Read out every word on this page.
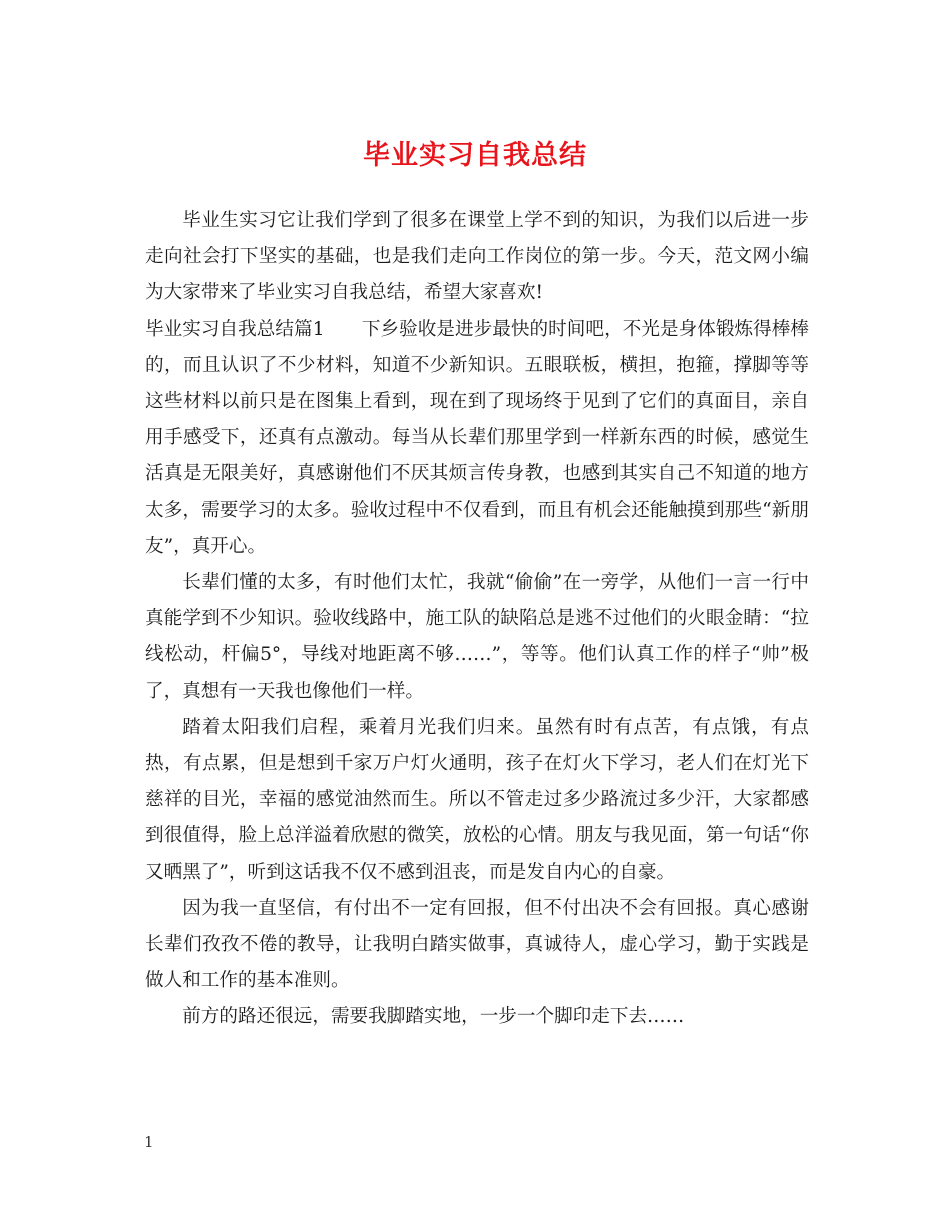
毕业实习自我总结

毕业生实习它让我们学到了很多在课堂上学不到的知识，为我们以后进一步走向社会打下坚实的基础，也是我们走向工作岗位的第一步。今天，范文网小编为大家带来了毕业实习自我总结，希望大家喜欢!

毕业实习自我总结篇1　　下乡验收是进步最快的时间吧，不光是身体锻炼得棒棒的，而且认识了不少材料，知道不少新知识。五眼联板，横担，抱箍，撑脚等等这些材料以前只是在图集上看到，现在到了现场终于见到了它们的真面目，亲自用手感受下，还真有点激动。每当从长辈们那里学到一样新东西的时候，感觉生活真是无限美好，真感谢他们不厌其烦言传身教，也感到其实自己不知道的地方太多，需要学习的太多。验收过程中不仅看到，而且有机会还能触摸到那些“新朋友”，真开心。

长辈们懂的太多，有时他们太忙，我就“偷偷”在一旁学，从他们一言一行中真能学到不少知识。验收线路中，施工队的缺陷总是逃不过他们的火眼金睛：“拉线松动，杆偏5°，导线对地距离不够……”，等等。他们认真工作的样子“帅”极了，真想有一天我也像他们一样。

踏着太阳我们启程，乘着月光我们归来。虽然有时有点苦，有点饿，有点热，有点累，但是想到千家万户灯火通明，孩子在灯火下学习，老人们在灯光下慈祥的目光，幸福的感觉油然而生。所以不管走过多少路流过多少汗，大家都感到很值得，脸上总洋溢着欣慰的微笑，放松的心情。朋友与我见面，第一句话“你又晒黑了”，听到这话我不仅不感到沮丧，而是发自内心的自豪。

因为我一直坚信，有付出不一定有回报，但不付出决不会有回报。真心感谢长辈们孜孜不倦的教导，让我明白踏实做事，真诚待人，虚心学习，勤于实践是做人和工作的基本准则。

前方的路还很远，需要我脚踏实地，一步一个脚印走下去……

1
